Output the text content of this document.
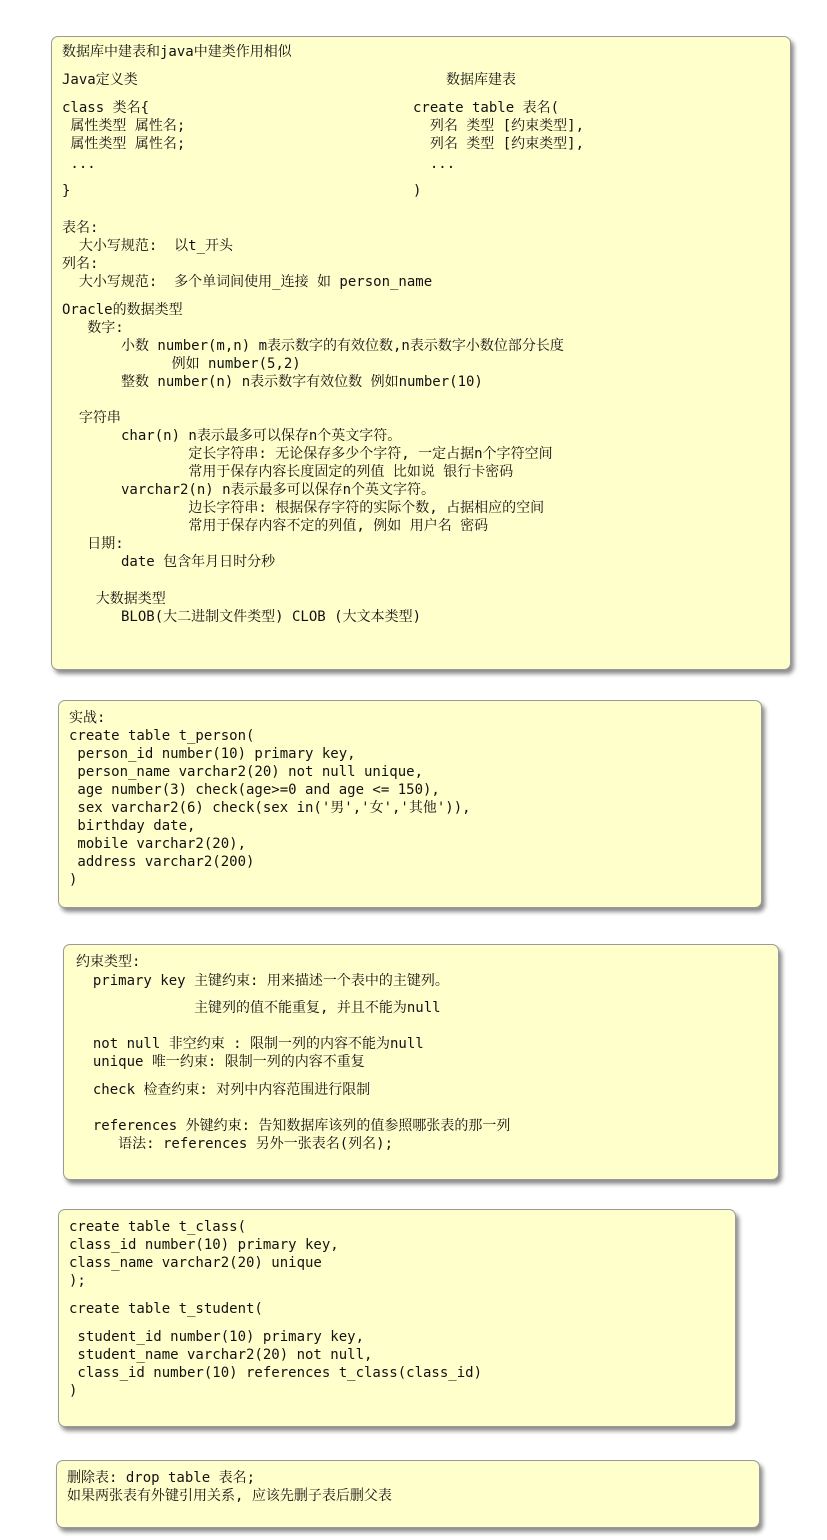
数据库中建表和java中建类作用相似
Java定义类	数据库建表
class 类名{
属性类型 属性名;
属性类型 属性名;
...
}
create table 表名(
列名 类型 [约束类型],
列名 类型 [约束类型],
...
)
表名:
大小写规范:  以t_开头
列名:
大小写规范:  多个单词间使用_连接 如 person_name
Oracle的数据类型
数字:
小数 number(m,n) m表示数字的有效位数,n表示数字小数位部分长度
例如 number(5,2)
整数 number(n) n表示数字有效位数 例如number(10)
字符串
char(n) n表示最多可以保存n个英文字符。
定长字符串: 无论保存多少个字符, 一定占据n个字符空间
常用于保存内容长度固定的列值 比如说 银行卡密码
varchar2(n) n表示最多可以保存n个英文字符。
边长字符串: 根据保存字符的实际个数, 占据相应的空间
常用于保存内容不定的列值, 例如 用户名 密码
日期:
date 包含年月日时分秒
大数据类型
BLOB(大二进制文件类型) CLOB (大文本类型)
实战:
create table t_person(
person_id number(10) primary key,
person_name varchar2(20) not null unique,
age number(3) check(age>=0 and age <= 150),
sex varchar2(6) check(sex in('男','女','其他')),
birthday date,
mobile varchar2(20),
address varchar2(200)
)
约束类型:
primary key 主键约束: 用来描述一个表中的主键列。
主键列的值不能重复, 并且不能为null
not null 非空约束 : 限制一列的内容不能为null
unique 唯一约束: 限制一列的内容不重复
check 检查约束: 对列中内容范围进行限制
references 外键约束: 告知数据库该列的值参照哪张表的那一列
语法: references 另外一张表名(列名);
create table t_class(
class_id number(10) primary key,
class_name varchar2(20) unique
);
create table t_student(
student_id number(10) primary key,
student_name varchar2(20) not null,
class_id number(10) references t_class(class_id)
)
删除表: drop table 表名;
如果两张表有外键引用关系, 应该先删子表后删父表
